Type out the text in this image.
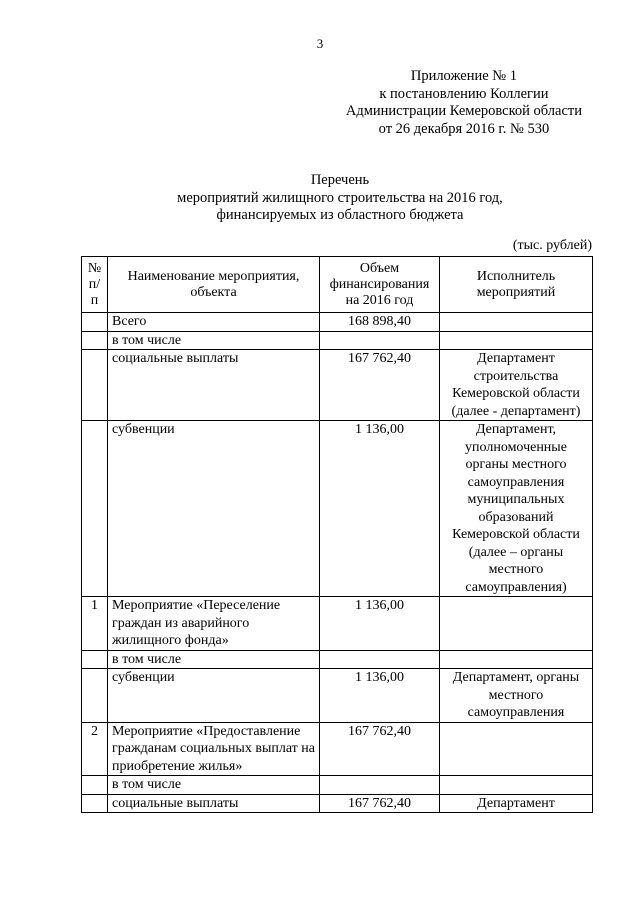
3
Приложение № 1
к постановлению Коллегии
Администрации Кемеровской области
от 26 декабря 2016 г. № 530
Перечень
мероприятий жилищного строительства на 2016 год,
финансируемых из областного бюджета
(тыс. рублей)
№ п/п	Наименование мероприятия, объекта	Объем финансирования на 2016 год	Исполнитель мероприятий
	Всего	168 898,40	
	в том числе		
	социальные выплаты	167 762,40	Департамент строительства Кемеровской области (далее - департамент)
	субвенции	1 136,00	Департамент, уполномоченные органы местного самоуправления муниципальных образований Кемеровской области (далее – органы местного самоуправления)
1	Мероприятие «Переселение граждан из аварийного жилищного фонда»	1 136,00	
	в том числе		
	субвенции	1 136,00	Департамент, органы местного самоуправления
2	Мероприятие «Предоставление гражданам социальных выплат на приобретение жилья»	167 762,40	
	в том числе		
	социальные выплаты	167 762,40	Департамент
